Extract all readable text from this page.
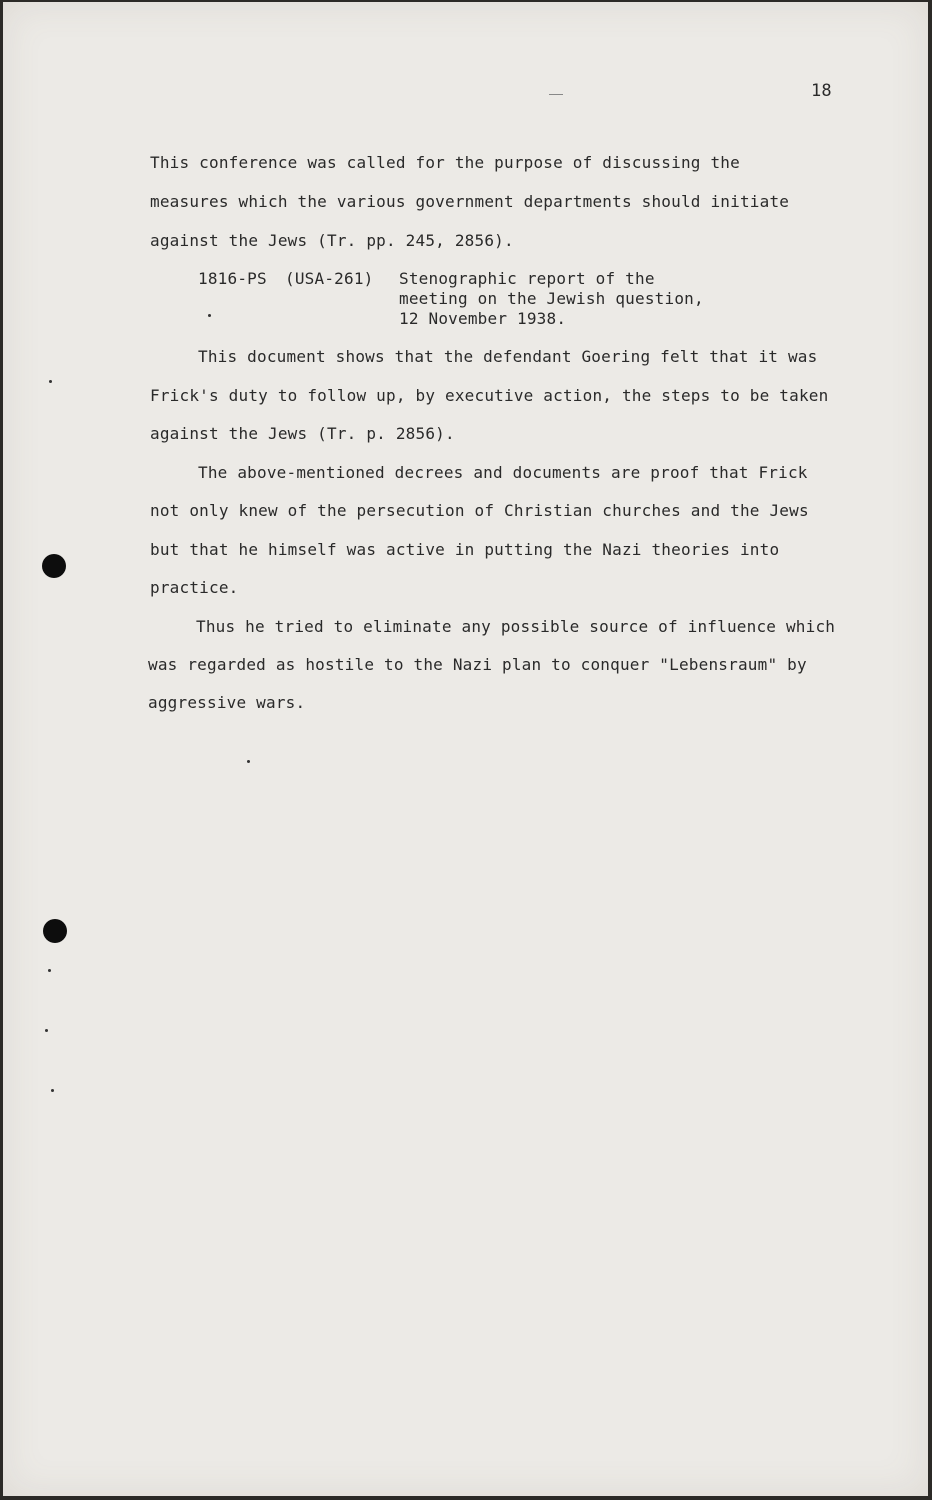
18
This conference was called for the purpose of discussing the
measures which the various government departments should initiate
against the Jews (Tr. pp. 245, 2856).
1816-PS (USA-261) Stenographic report of the
meeting on the Jewish question,
12 November 1938.
This document shows that the defendant Goering felt that it was
Frick's duty to follow up, by executive action, the steps to be taken
against the Jews (Tr. p. 2856).
The above-mentioned decrees and documents are proof that Frick
not only knew of the persecution of Christian churches and the Jews
but that he himself was active in putting the Nazi theories into
practice.
Thus he tried to eliminate any possible source of influence which
was regarded as hostile to the Nazi plan to conquer "Lebensraum" by
aggressive wars.
